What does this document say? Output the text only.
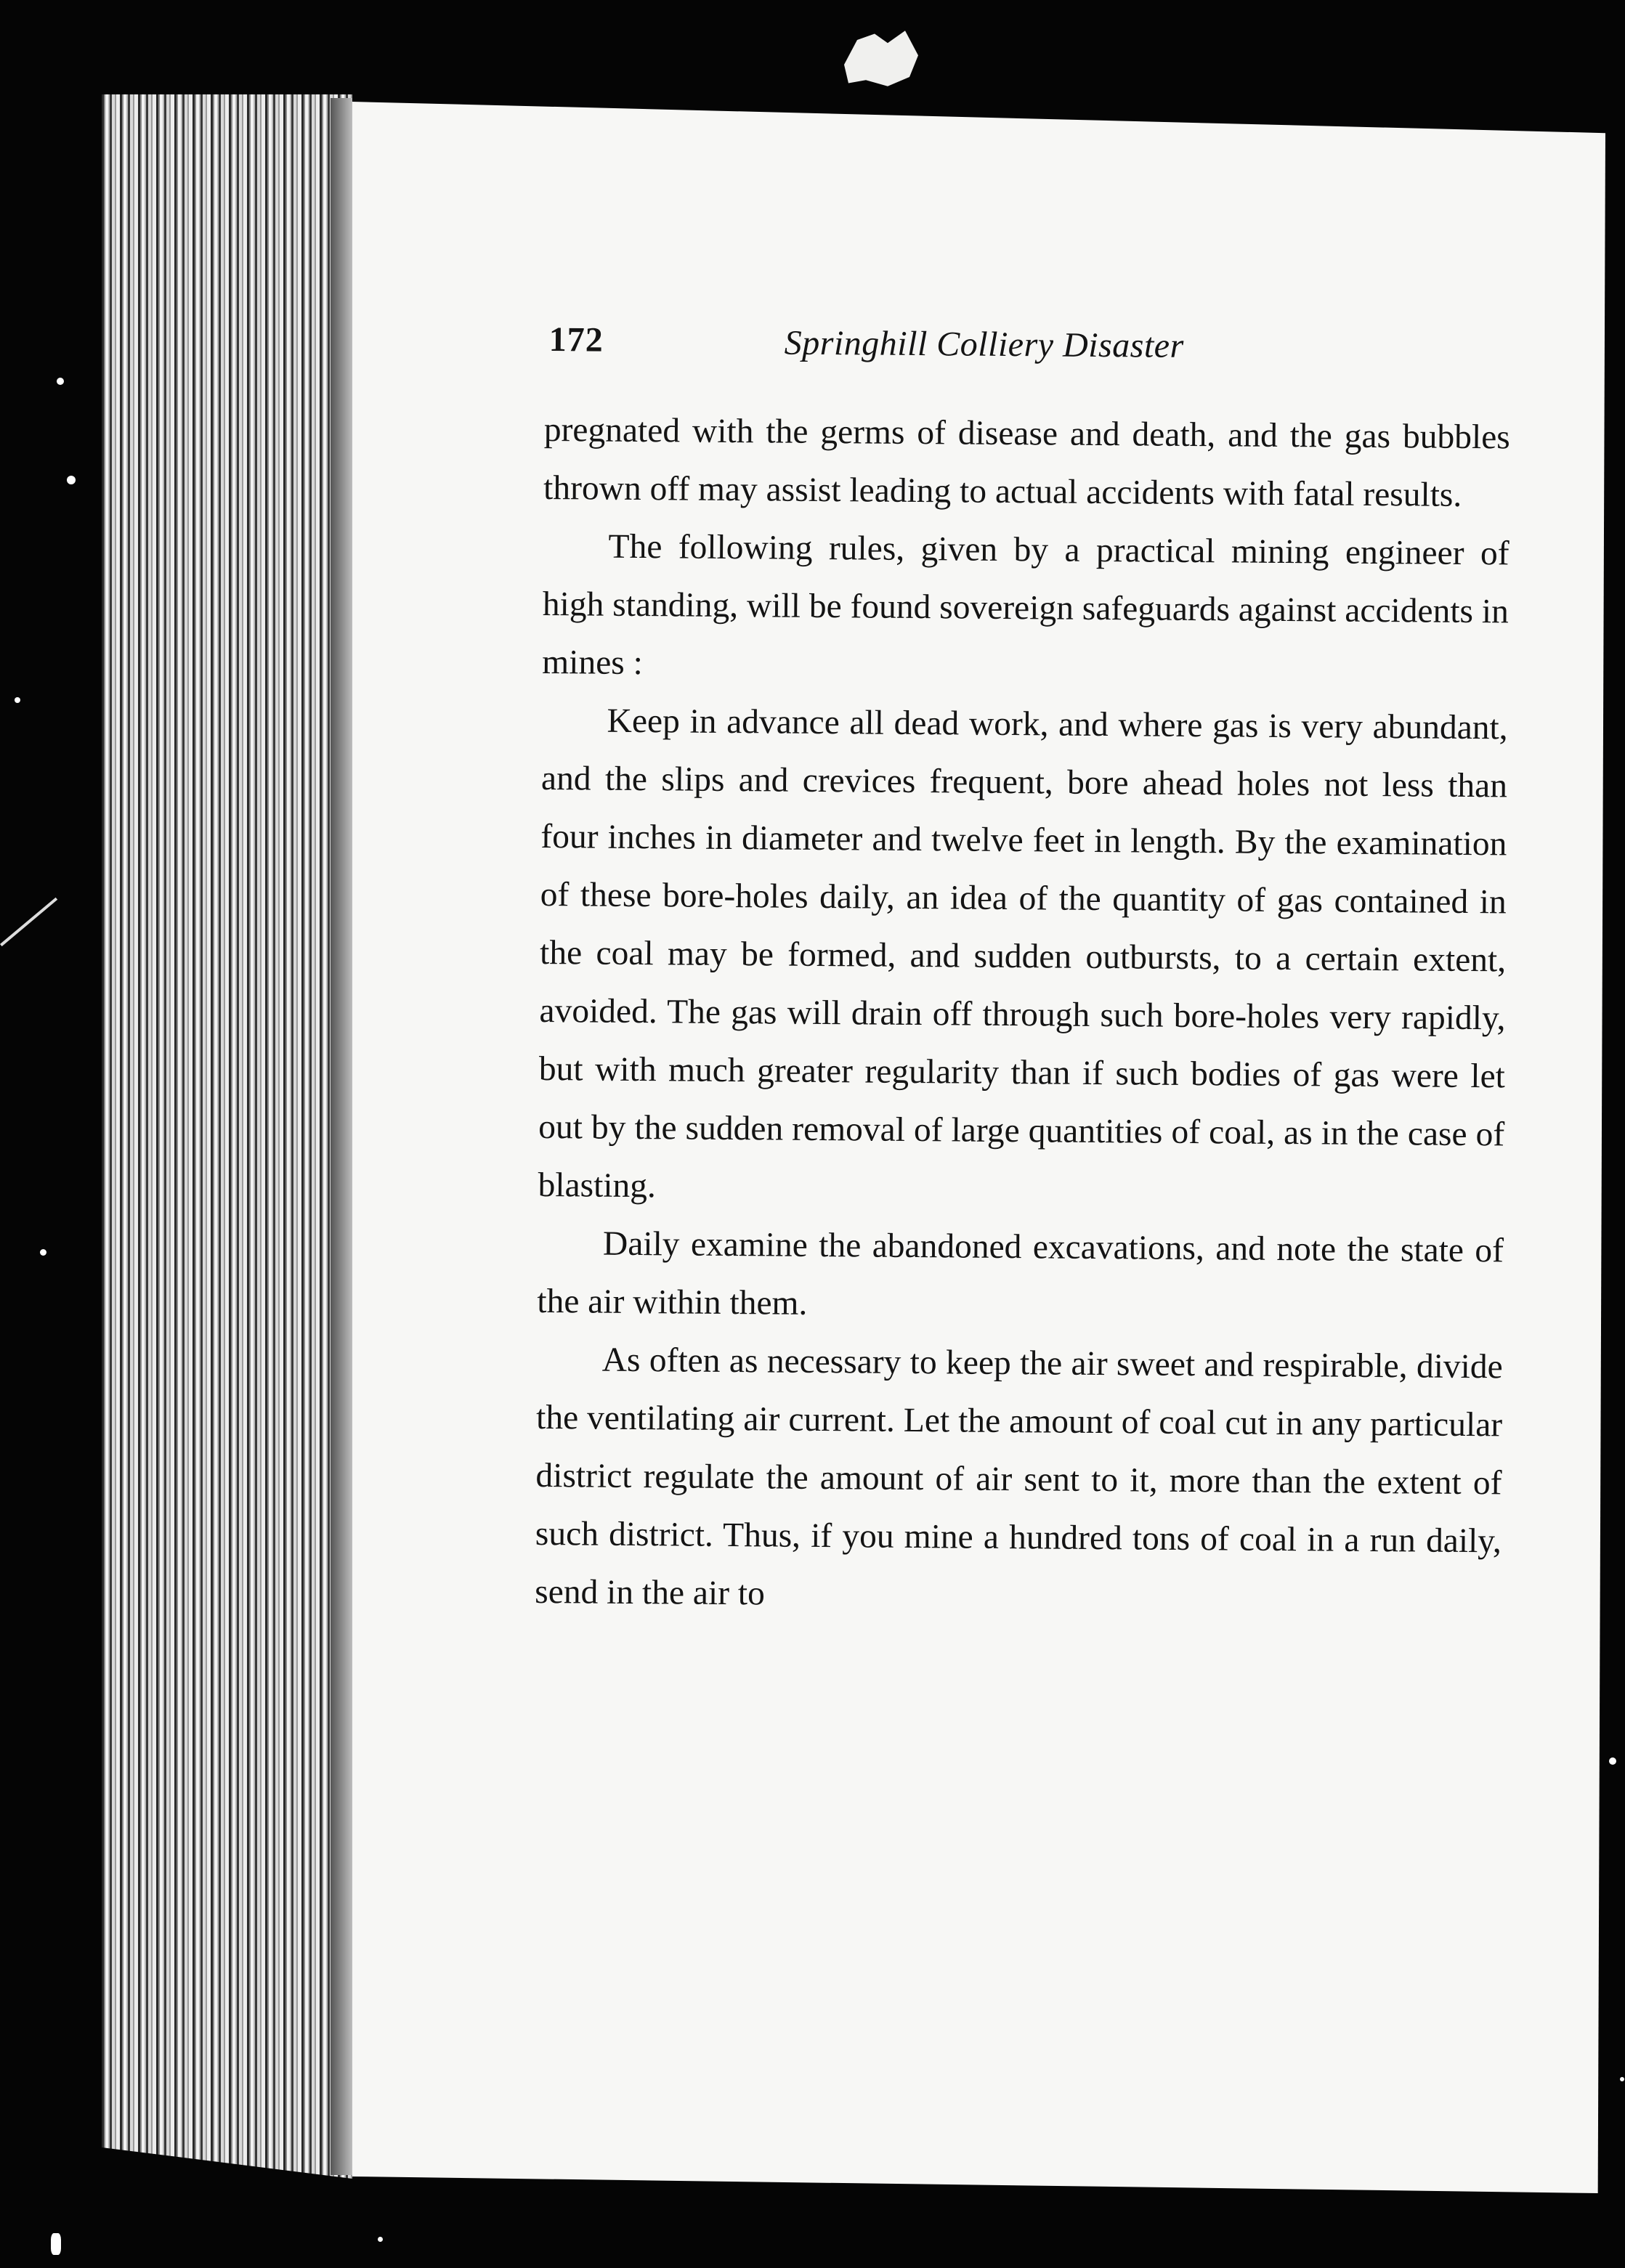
172	Springhill Colliery Disaster

pregnated with the germs of disease and death, and the gas bubbles thrown off may assist leading to actual accidents with fatal results.

The following rules, given by a practical mining engineer of high standing, will be found sovereign safeguards against accidents in mines :

Keep in advance all dead work, and where gas is very abundant, and the slips and crevices frequent, bore ahead holes not less than four inches in diameter and twelve feet in length. By the examination of these bore-holes daily, an idea of the quantity of gas contained in the coal may be formed, and sudden outbursts, to a certain extent, avoided. The gas will drain off through such bore-holes very rapidly, but with much greater regularity than if such bodies of gas were let out by the sudden removal of large quantities of coal, as in the case of blasting.

Daily examine the abandoned excavations, and note the state of the air within them.

As often as necessary to keep the air sweet and respirable, divide the ventilating air current. Let the amount of coal cut in any particular district regulate the amount of air sent to it, more than the extent of such district. Thus, if you mine a hundred tons of coal in a run daily, send in the air to
